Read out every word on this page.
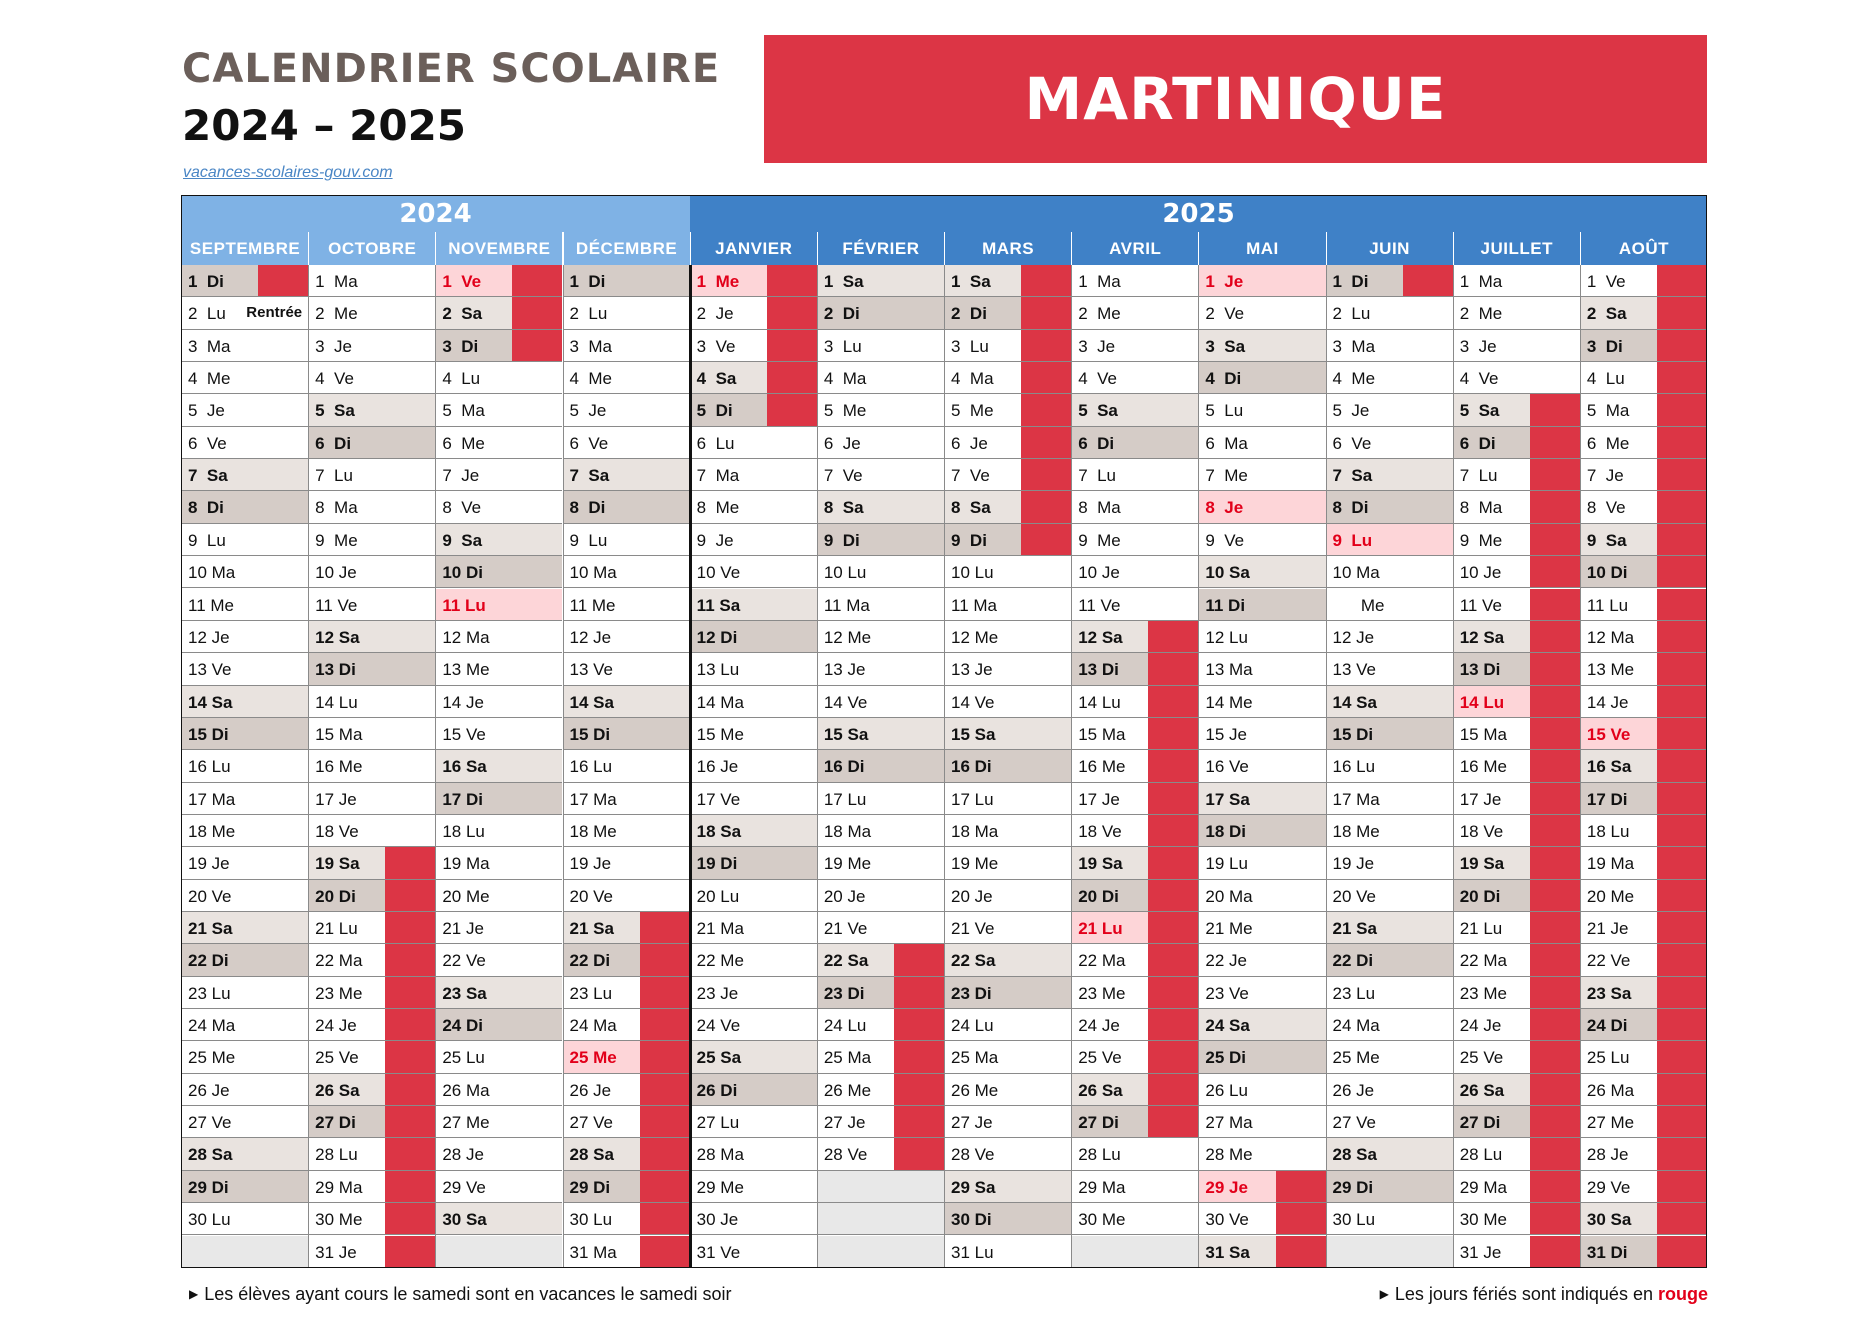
CALENDRIER SCOLAIRE
2024 – 2025
vacances-scolaires-gouv.com
MARTINIQUE
2024	2025
SEPTEMBRE
1  Di
2  Lu Rentrée
3  Ma
4  Me
5  Je
6  Ve
7  Sa
8  Di
9  Lu
10 Ma
11 Me
12 Je
13 Ve
14 Sa
15 Di
16 Lu
17 Ma
18 Me
19 Je
20 Ve
21 Sa
22 Di
23 Lu
24 Ma
25 Me
26 Je
27 Ve
28 Sa
29 Di
30 Lu
OCTOBRE
1  Ma
2  Me
3  Je
4  Ve
5  Sa
6  Di
7  Lu
8  Ma
9  Me
10 Je
11 Ve
12 Sa
13 Di
14 Lu
15 Ma
16 Me
17 Je
18 Ve
19 Sa
20 Di
21 Lu
22 Ma
23 Me
24 Je
25 Ve
26 Sa
27 Di
28 Lu
29 Ma
30 Me
31 Je
NOVEMBRE
1  Ve
2  Sa
3  Di
4  Lu
5  Ma
6  Me
7  Je
8  Ve
9  Sa
10 Di
11 Lu
12 Ma
13 Me
14 Je
15 Ve
16 Sa
17 Di
18 Lu
19 Ma
20 Me
21 Je
22 Ve
23 Sa
24 Di
25 Lu
26 Ma
27 Me
28 Je
29 Ve
30 Sa
DÉCEMBRE
1  Di
2  Lu
3  Ma
4  Me
5  Je
6  Ve
7  Sa
8  Di
9  Lu
10 Ma
11 Me
12 Je
13 Ve
14 Sa
15 Di
16 Lu
17 Ma
18 Me
19 Je
20 Ve
21 Sa
22 Di
23 Lu
24 Ma
25 Me
26 Je
27 Ve
28 Sa
29 Di
30 Lu
31 Ma
JANVIER
1  Me
2  Je
3  Ve
4  Sa
5  Di
6  Lu
7  Ma
8  Me
9  Je
10 Ve
11 Sa
12 Di
13 Lu
14 Ma
15 Me
16 Je
17 Ve
18 Sa
19 Di
20 Lu
21 Ma
22 Me
23 Je
24 Ve
25 Sa
26 Di
27 Lu
28 Ma
29 Me
30 Je
31 Ve
FÉVRIER
1  Sa
2  Di
3  Lu
4  Ma
5  Me
6  Je
7  Ve
8  Sa
9  Di
10 Lu
11 Ma
12 Me
13 Je
14 Ve
15 Sa
16 Di
17 Lu
18 Ma
19 Me
20 Je
21 Ve
22 Sa
23 Di
24 Lu
25 Ma
26 Me
27 Je
28 Ve
MARS
1  Sa
2  Di
3  Lu
4  Ma
5  Me
6  Je
7  Ve
8  Sa
9  Di
10 Lu
11 Ma
12 Me
13 Je
14 Ve
15 Sa
16 Di
17 Lu
18 Ma
19 Me
20 Je
21 Ve
22 Sa
23 Di
24 Lu
25 Ma
26 Me
27 Je
28 Ve
29 Sa
30 Di
31 Lu
AVRIL
1  Ma
2  Me
3  Je
4  Ve
5  Sa
6  Di
7  Lu
8  Ma
9  Me
10 Je
11 Ve
12 Sa
13 Di
14 Lu
15 Ma
16 Me
17 Je
18 Ve
19 Sa
20 Di
21 Lu
22 Ma
23 Me
24 Je
25 Ve
26 Sa
27 Di
28 Lu
29 Ma
30 Me
MAI
1  Je
2  Ve
3  Sa
4  Di
5  Lu
6  Ma
7  Me
8  Je
9  Ve
10 Sa
11 Di
12 Lu
13 Ma
14 Me
15 Je
16 Ve
17 Sa
18 Di
19 Lu
20 Ma
21 Me
22 Je
23 Ve
24 Sa
25 Di
26 Lu
27 Ma
28 Me
29 Je
30 Ve
31 Sa
JUIN
1  Di
2  Lu
3  Ma
4  Me
5  Je
6  Ve
7  Sa
8  Di
9  Lu
10 Ma
Me
12 Je
13 Ve
14 Sa
15 Di
16 Lu
17 Ma
18 Me
19 Je
20 Ve
21 Sa
22 Di
23 Lu
24 Ma
25 Me
26 Je
27 Ve
28 Sa
29 Di
30 Lu
JUILLET
1  Ma
2  Me
3  Je
4  Ve
5  Sa
6  Di
7  Lu
8  Ma
9  Me
10 Je
11 Ve
12 Sa
13 Di
14 Lu
15 Ma
16 Me
17 Je
18 Ve
19 Sa
20 Di
21 Lu
22 Ma
23 Me
24 Je
25 Ve
26 Sa
27 Di
28 Lu
29 Ma
30 Me
31 Je
AOÛT
1  Ve
2  Sa
3  Di
4  Lu
5  Ma
6  Me
7  Je
8  Ve
9  Sa
10 Di
11 Lu
12 Ma
13 Me
14 Je
15 Ve
16 Sa
17 Di
18 Lu
19 Ma
20 Me
21 Je
22 Ve
23 Sa
24 Di
25 Lu
26 Ma
27 Me
28 Je
29 Ve
30 Sa
31 Di
▶ Les élèves ayant cours le samedi sont en vacances le samedi soir	▶ Les jours fériés sont indiqués en rouge
